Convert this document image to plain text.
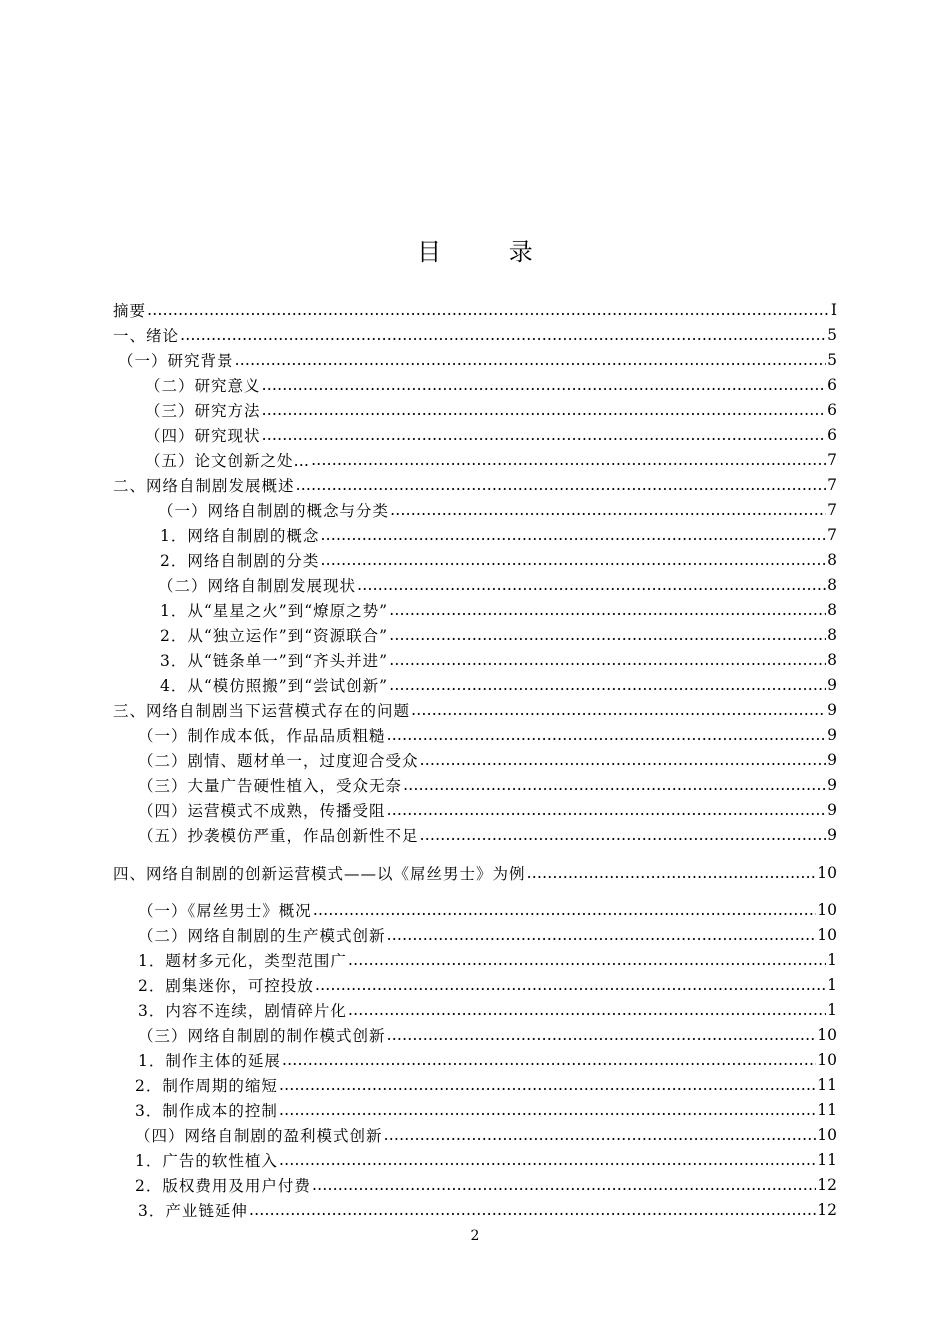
目 录
摘要 …………………………………………………………………………………………………………………………………………………………………………………………………………	I
一、绪论 …………………………………………………………………………………………………………………………………………………………………………………………………………	5
（一）研究背景 …………………………………………………………………………………………………………………………………………………………………………………………………………	5
（二）研究意义 …………………………………………………………………………………………………………………………………………………………………………………………………………	6
（三）研究方法 …………………………………………………………………………………………………………………………………………………………………………………………………………	6
（四）研究现状 …………………………………………………………………………………………………………………………………………………………………………………………………………	6
（五）论文创新之处… …………………………………………………………………………………………………………………………………………………………………………………………………………	7
二、网络自制剧发展概述 …………………………………………………………………………………………………………………………………………………………………………………………………………	7
（一）网络自制剧的概念与分类 …………………………………………………………………………………………………………………………………………………………………………………………………………	7
1．网络自制剧的概念 …………………………………………………………………………………………………………………………………………………………………………………………………………	7
2．网络自制剧的分类 …………………………………………………………………………………………………………………………………………………………………………………………………………	8
（二）网络自制剧发展现状 …………………………………………………………………………………………………………………………………………………………………………………………………………	8
1．从“星星之火”到“燎原之势” …………………………………………………………………………………………………………………………………………………………………………………………………………	8
2．从“独立运作”到“资源联合” …………………………………………………………………………………………………………………………………………………………………………………………………………	8
3．从“链条单一”到“齐头并进” …………………………………………………………………………………………………………………………………………………………………………………………………………	8
4．从“模仿照搬”到“尝试创新” …………………………………………………………………………………………………………………………………………………………………………………………………………	9
三、网络自制剧当下运营模式存在的问题 …………………………………………………………………………………………………………………………………………………………………………………………………………	9
（一）制作成本低，作品品质粗糙 …………………………………………………………………………………………………………………………………………………………………………………………………………	9
（二）剧情、题材单一，过度迎合受众 …………………………………………………………………………………………………………………………………………………………………………………………………………	9
（三）大量广告硬性植入，受众无奈 …………………………………………………………………………………………………………………………………………………………………………………………………………	9
（四）运营模式不成熟，传播受阻 …………………………………………………………………………………………………………………………………………………………………………………………………………	9
（五）抄袭模仿严重，作品创新性不足 …………………………………………………………………………………………………………………………………………………………………………………………………………	9
四、网络自制剧的创新运营模式——以《屌丝男士》为例 …………………………………………………………………………………………………………………………………………………………………………………………………………	10
（一）《屌丝男士》概况 …………………………………………………………………………………………………………………………………………………………………………………………………………	10
（二）网络自制剧的生产模式创新 …………………………………………………………………………………………………………………………………………………………………………………………………………	10
1．题材多元化，类型范围广 …………………………………………………………………………………………………………………………………………………………………………………………………………	1
2．剧集迷你，可控投放 …………………………………………………………………………………………………………………………………………………………………………………………………………	1
3．内容不连续，剧情碎片化 …………………………………………………………………………………………………………………………………………………………………………………………………………	1
（三）网络自制剧的制作模式创新 …………………………………………………………………………………………………………………………………………………………………………………………………………	10
1．制作主体的延展 …………………………………………………………………………………………………………………………………………………………………………………………………………	10
2．制作周期的缩短 …………………………………………………………………………………………………………………………………………………………………………………………………………	11
3．制作成本的控制 …………………………………………………………………………………………………………………………………………………………………………………………………………	11
（四）网络自制剧的盈利模式创新 …………………………………………………………………………………………………………………………………………………………………………………………………………	10
1．广告的软性植入 …………………………………………………………………………………………………………………………………………………………………………………………………………	11
2．版权费用及用户付费 …………………………………………………………………………………………………………………………………………………………………………………………………………	12
3．产业链延伸 …………………………………………………………………………………………………………………………………………………………………………………………………………	12
2
